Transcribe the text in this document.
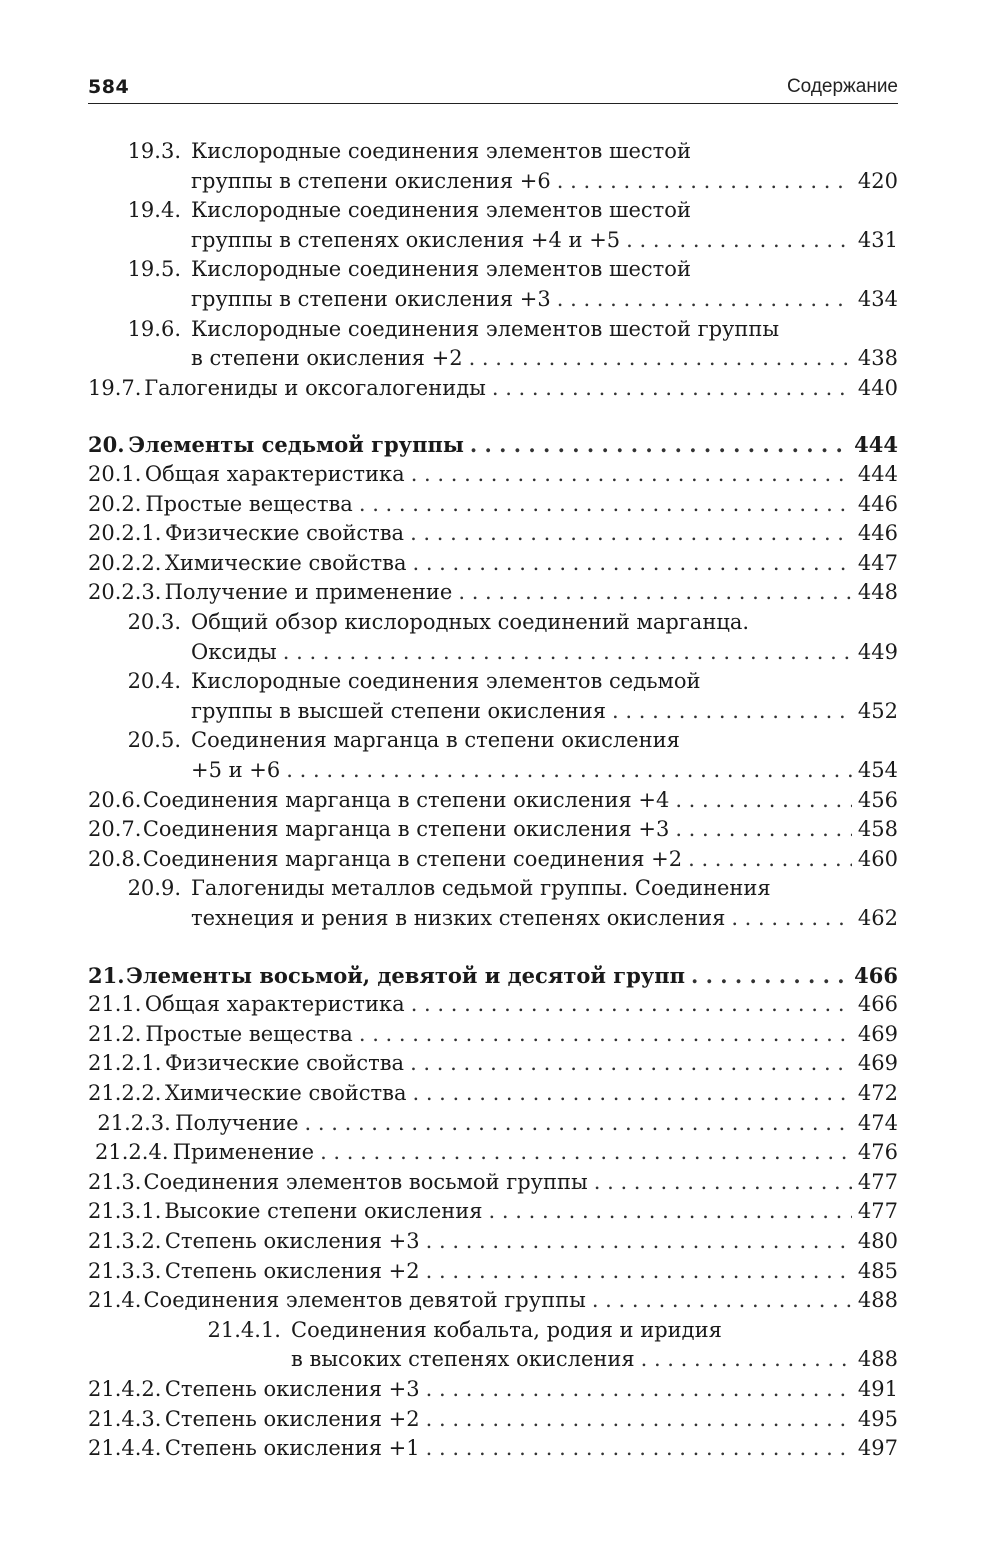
584	Содержание
19.3. Кислородные соединения элементов шестой
группы в степени окисления +6 . . .	420
19.4. Кислородные соединения элементов шестой
группы в степенях окисления +4 и +5 . . .	431
19.5. Кислородные соединения элементов шестой
группы в степени окисления +3 . . .	434
19.6. Кислородные соединения элементов шестой группы
в степени окисления +2 . . .	438
19.7. Галогениды и оксогалогениды . . .	440
20. Элементы седьмой группы . . .	444
20.1. Общая характеристика . . .	444
20.2. Простые вещества . . .	446
20.2.1. Физические свойства . . .	446
20.2.2. Химические свойства . . .	447
20.2.3. Получение и применение . . .	448
20.3. Общий обзор кислородных соединений марганца.
Оксиды . . .	449
20.4. Кислородные соединения элементов седьмой
группы в высшей степени окисления . . .	452
20.5. Соединения марганца в степени окисления
+5 и +6 . . .	454
20.6. Соединения марганца в степени окисления +4 . . .	456
20.7. Соединения марганца в степени окисления +3 . . .	458
20.8. Соединения марганца в степени соединения +2 . . .	460
20.9. Галогениды металлов седьмой группы. Соединения
технеция и рения в низких степенях окисления . . .	462
21. Элементы восьмой, девятой и десятой групп . . .	466
21.1. Общая характеристика . . .	466
21.2. Простые вещества . . .	469
21.2.1. Физические свойства . . .	469
21.2.2. Химические свойства . . .	472
21.2.3. Получение . . .	474
21.2.4. Применение . . .	476
21.3. Соединения элементов восьмой группы . . .	477
21.3.1. Высокие степени окисления . . .	477
21.3.2. Степень окисления +3 . . .	480
21.3.3. Степень окисления +2 . . .	485
21.4. Соединения элементов девятой группы . . .	488
21.4.1. Соединения кобальта, родия и иридия
в высоких степенях окисления . . .	488
21.4.2. Степень окисления +3 . . .	491
21.4.3. Степень окисления +2 . . .	495
21.4.4. Степень окисления +1 . . .	497
